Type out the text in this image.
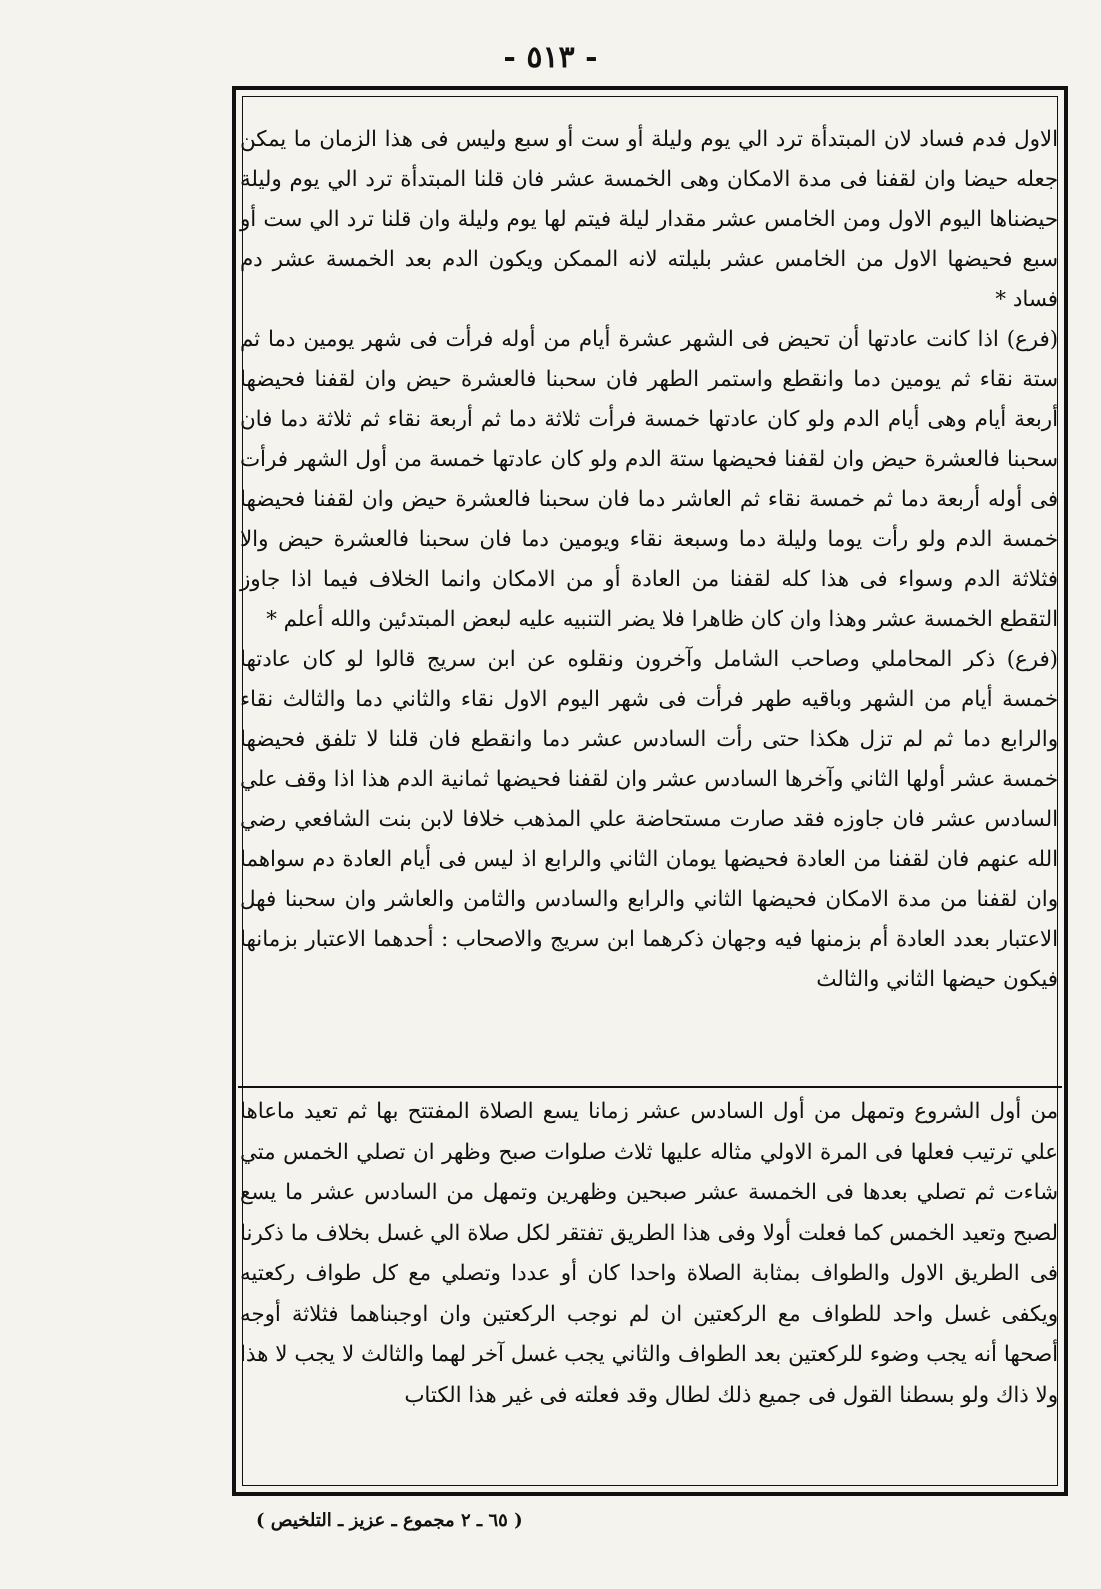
- ٥١٣ -

الاول فدم فساد لان المبتدأة ترد الي يوم وليلة أو ست أو سبع وليس فى هذا الزمان ما يمكن جعله حيضا وان لقفنا فى مدة الامكان وهى الخمسة عشر فان قلنا المبتدأة ترد الي يوم وليلة حيضناها اليوم الاول ومن الخامس عشر مقدار ليلة فيتم لها يوم وليلة وان قلنا ترد الي ست أو سبع فحيضها الاول من الخامس عشر بليلته لانه الممكن ويكون الدم بعد الخمسة عشر دم فساد *

(فرع) اذا كانت عادتها أن تحيض فى الشهر عشرة أيام من أوله فرأت فى شهر يومين دما ثم ستة نقاء ثم يومين دما وانقطع واستمر الطهر فان سحبنا فالعشرة حيض وان لقفنا فحيضها أربعة أيام وهى أيام الدم ولو كان عادتها خمسة فرأت ثلاثة دما ثم أربعة نقاء ثم ثلاثة دما فان سحبنا فالعشرة حيض وان لقفنا فحيضها ستة الدم ولو كان عادتها خمسة من أول الشهر فرأت فى أوله أربعة دما ثم خمسة نقاء ثم العاشر دما فان سحبنا فالعشرة حيض وان لقفنا فحيضها خمسة الدم ولو رأت يوما وليلة دما وسبعة نقاء ويومين دما فان سحبنا فالعشرة حيض والا فثلاثة الدم وسواء فى هذا كله لقفنا من العادة أو من الامكان وانما الخلاف فيما اذا جاوز التقطع الخمسة عشر وهذا وان كان ظاهرا فلا يضر التنبيه عليه لبعض المبتدئين والله أعلم *

(فرع) ذكر المحاملي وصاحب الشامل وآخرون ونقلوه عن ابن سريج قالوا لو كان عادتها خمسة أيام من الشهر وباقيه طهر فرأت فى شهر اليوم الاول نقاء والثاني دما والثالث نقاء والرابع دما ثم لم تزل هكذا حتى رأت السادس عشر دما وانقطع فان قلنا لا تلفق فحيضها خمسة عشر أولها الثاني وآخرها السادس عشر وان لقفنا فحيضها ثمانية الدم هذا اذا وقف علي السادس عشر فان جاوزه فقد صارت مستحاضة علي المذهب خلافا لابن بنت الشافعي رضي الله عنهم فان لقفنا من العادة فحيضها يومان الثاني والرابع اذ ليس فى أيام العادة دم سواهما وان لقفنا من مدة الامكان فحيضها الثاني والرابع والسادس والثامن والعاشر وان سحبنا فهل الاعتبار بعدد العادة أم بزمنها فيه وجهان ذكرهما ابن سريج والاصحاب : أحدهما الاعتبار بزمانها فيكون حيضها الثاني والثالث

من أول الشروع وتمهل من أول السادس عشر زمانا يسع الصلاة المفتتح بها ثم تعيد ماعاها علي ترتيب فعلها فى المرة الاولي مثاله عليها ثلاث صلوات صبح وظهر ان تصلي الخمس متي شاءت ثم تصلي بعدها فى الخمسة عشر صبحين وظهرين وتمهل من السادس عشر ما يسع لصبح وتعيد الخمس كما فعلت أولا وفى هذا الطريق تفتقر لكل صلاة الي غسل بخلاف ما ذكرنا فى الطريق الاول والطواف بمثابة الصلاة واحدا كان أو عددا وتصلي مع كل طواف ركعتيه ويكفى غسل واحد للطواف مع الركعتين ان لم نوجب الركعتين وان اوجبناهما فثلاثة أوجه أصحها أنه يجب وضوء للركعتين بعد الطواف والثاني يجب غسل آخر لهما والثالث لا يجب لا هذا ولا ذاك ولو بسطنا القول فى جميع ذلك لطال وقد فعلته فى غير هذا الكتاب

( ٦٥ ـ ٢ مجموع ـ عزيز ـ التلخيص )
